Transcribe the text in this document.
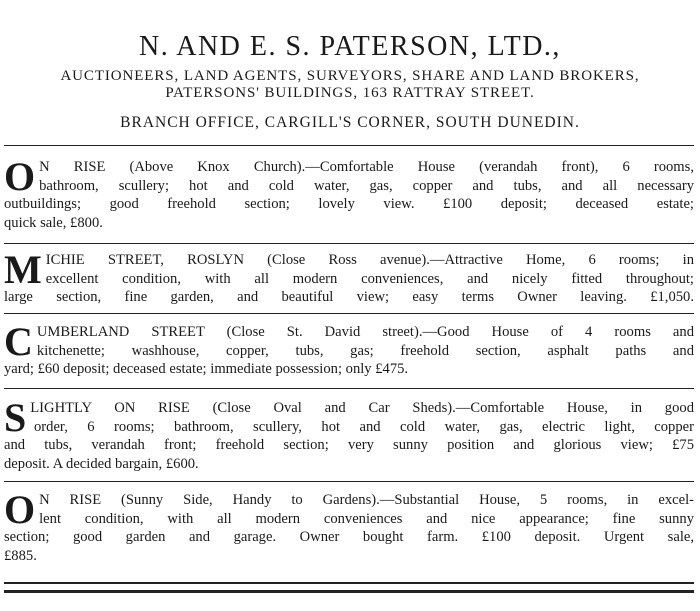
N. AND E. S. PATERSON, LTD.,
AUCTIONEERS, LAND AGENTS, SURVEYORS, SHARE AND LAND BROKERS,
PATERSONS' BUILDINGS, 163 RATTRAY STREET.
BRANCH OFFICE, CARGILL'S CORNER, SOUTH DUNEDIN.
O N RISE (Above Knox Church).—Comfortable House (verandah front), 6 rooms,
bathroom, scullery; hot and cold water, gas, copper and tubs, and all necessary
outbuildings; good freehold section; lovely view. £100 deposit; deceased estate;
quick sale, £800.
M ICHIE STREET, ROSLYN (Close Ross avenue).—Attractive Home, 6 rooms; in
excellent condition, with all modern conveniences, and nicely fitted throughout;
large section, fine garden, and beautiful view; easy terms Owner leaving. £1,050.
C UMBERLAND STREET (Close St. David street).—Good House of 4 rooms and
kitchenette; washhouse, copper, tubs, gas; freehold section, asphalt paths and
yard; £60 deposit; deceased estate; immediate possession; only £475.
S LIGHTLY ON RISE (Close Oval and Car Sheds).—Comfortable House, in good
order, 6 rooms; bathroom, scullery, hot and cold water, gas, electric light, copper
and tubs, verandah front; freehold section; very sunny position and glorious view; £75
deposit. A decided bargain, £600.
O N RISE (Sunny Side, Handy to Gardens).—Substantial House, 5 rooms, in excel-
lent condition, with all modern conveniences and nice appearance; fine sunny
section; good garden and garage. Owner bought farm. £100 deposit. Urgent sale,
£885.
